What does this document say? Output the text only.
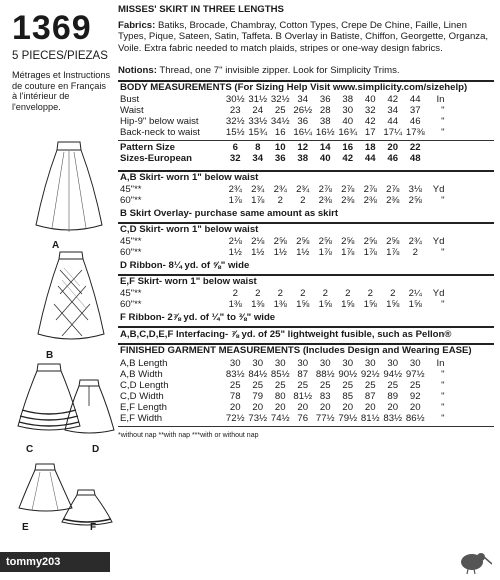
1369
5 PIECES/PIEZAS
Métrages et Instructions de couture en Français à l'intérieur de l'enveloppe.
A
B
C	D
E	F
MISSES' SKIRT IN THREE LENGTHS
Fabrics: Batiks, Brocade, Chambray, Cotton Types, Crepe De Chine, Faille, Linen Types, Pique, Sateen, Satin, Taffeta. B Overlay in Batiste, Chiffon, Georgette, Organza, Voile. Extra fabric needed to match plaids, stripes or one-way design fabrics.
Notions: Thread, one 7" invisible zipper. Look for Simplicity Trims.
BODY MEASUREMENTS (For Sizing Help Visit www.simplicity.com/sizehelp)
Bust	30½	31½	32½	34	36	38	40	42	44	In
Waist	23	24	25	26½	28	30	32	34	37	"
Hip-9" below waist	32½	33½	34½	36	38	40	42	44	46	"
Back-neck to waist	15½	15¾	16	16¼	16½	16¾	17	17¼	17⅜	"
Pattern Size	6	8	10	12	14	16	18	20	22	
Sizes-European	32	34	36	38	40	42	44	46	48	
A,B Skirt- worn 1" below waist
45"**	2¾	2¾	2¾	2¾	2⅞	2⅞	2⅞	2⅞	3⅛	Yd
60"**	1⅞	1⅞	2	2	2⅜	2⅜	2⅜	2⅜	2⅝	"
B Skirt Overlay- purchase same amount as skirt
C,D Skirt- worn 1" below waist
45"**	2⅛	2⅛	2⅝	2⅝	2⅝	2⅝	2⅝	2⅝	2¾	Yd
60"**	1½	1½	1½	1½	1⅞	1⅞	1⅞	1⅞	2	"
D Ribbon- 8¼ yd. of ⅝" wide
E,F Skirt- worn 1" below waist
45"**	2	2	2	2	2	2	2	2	2¼	Yd
60"**	1⅜	1⅜	1⅜	1⅝	1⅝	1⅝	1⅝	1⅝	1⅝	"
F Ribbon- 2⅞ yd. of ¼" to ⅜" wide
A,B,C,D,E,F Interfacing- ⅞ yd. of 25" lightweight fusible, such as Pellon®
FINISHED GARMENT MEASUREMENTS (Includes Design and Wearing EASE)
A,B Length	30	30	30	30	30	30	30	30	30	In
A,B Width	83½	84½	85½	87	88½	90½	92½	94½	97½	"
C,D Length	25	25	25	25	25	25	25	25	25	"
C,D Width	78	79	80	81½	83	85	87	89	92	"
E,F Length	20	20	20	20	20	20	20	20	20	"
E,F Width	72½	73½	74½	76	77½	79½	81½	83½	86½	"
*without nap **with nap ***with or without nap
tommy203
